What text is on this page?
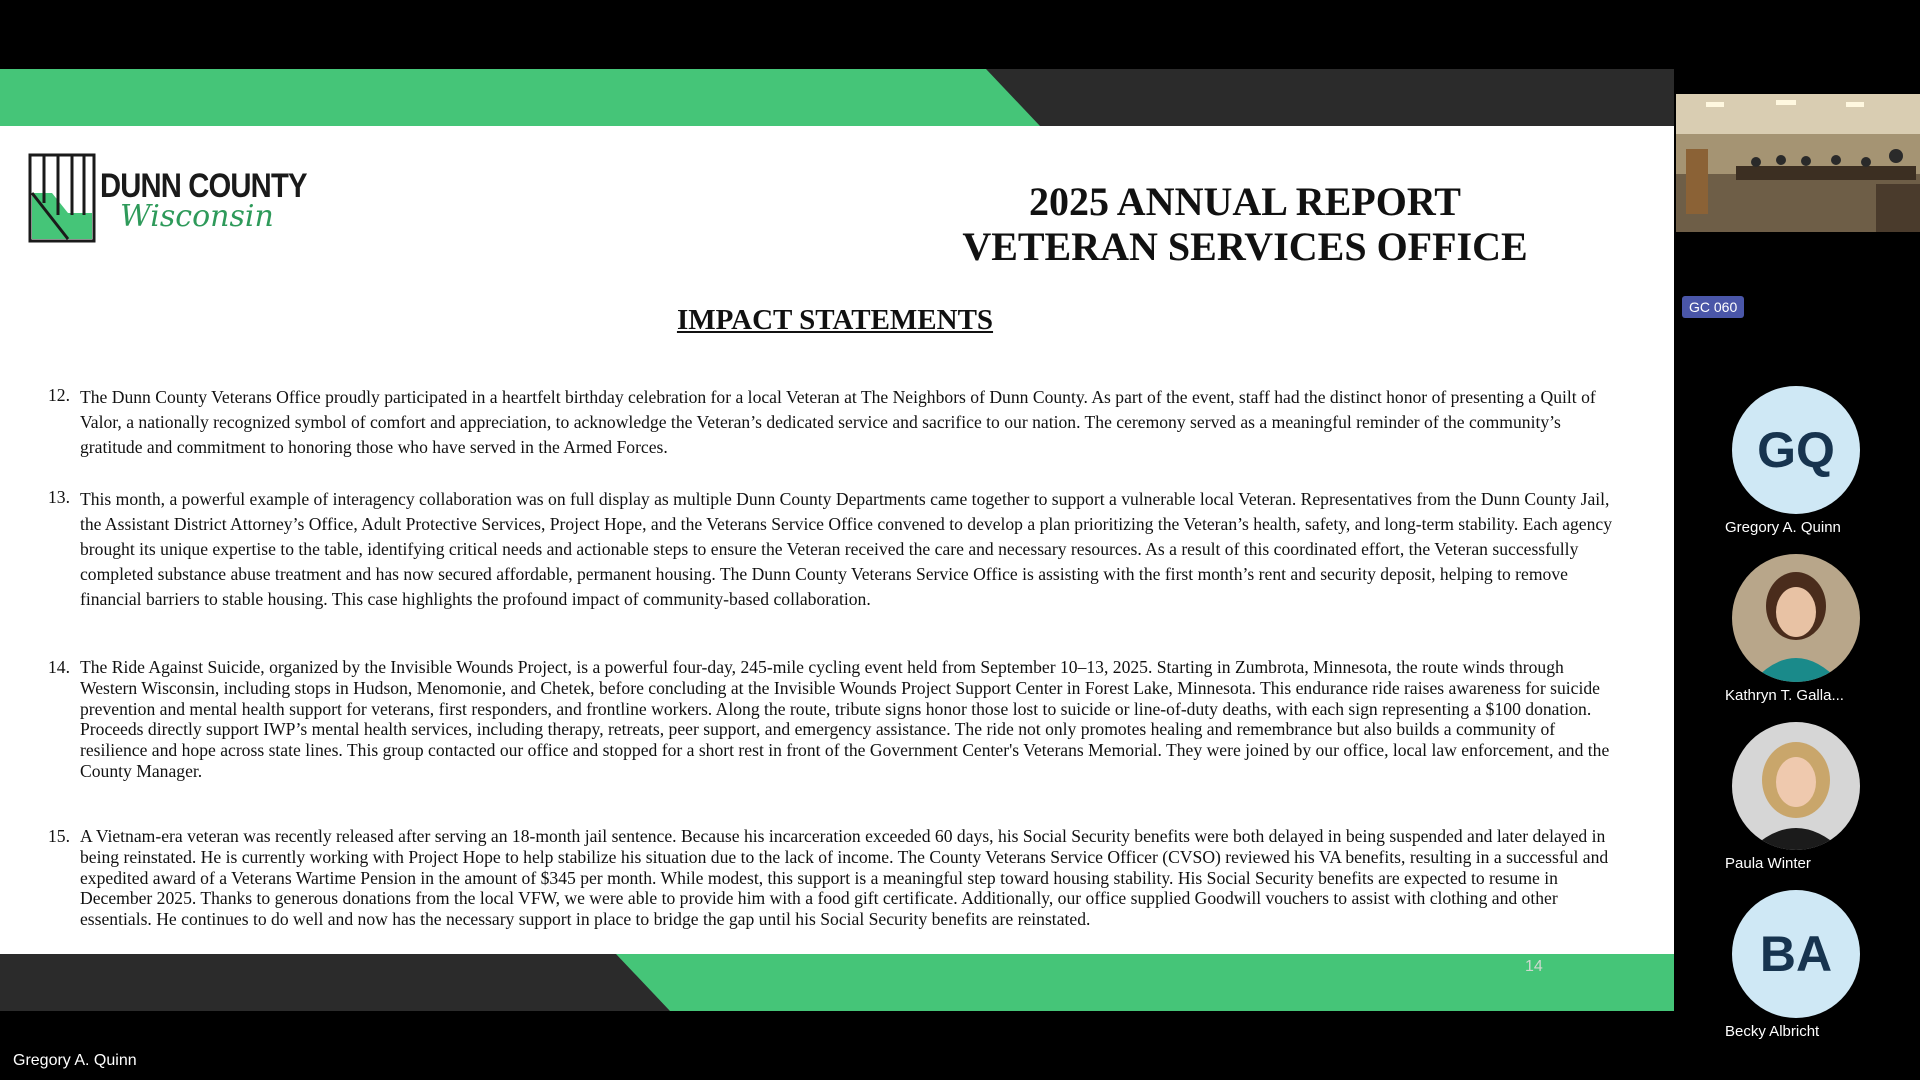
DUNN COUNTY
Wisconsin	2025 ANNUAL REPORT
VETERAN SERVICES OFFICE
IMPACT STATEMENTS
12. The Dunn County Veterans Office proudly participated in a heartfelt birthday celebration for a local Veteran at The Neighbors of Dunn County. As part of the event, staff had the distinct honor of presenting a Quilt of Valor, a nationally recognized symbol of comfort and appreciation, to acknowledge the Veteran’s dedicated service and sacrifice to our nation. The ceremony served as a meaningful reminder of the community’s gratitude and commitment to honoring those who have served in the Armed Forces.
13. This month, a powerful example of interagency collaboration was on full display as multiple Dunn County Departments came together to support a vulnerable local Veteran. Representatives from the Dunn County Jail, the Assistant District Attorney’s Office, Adult Protective Services, Project Hope, and the Veterans Service Office convened to develop a plan prioritizing the Veteran’s health, safety, and long-term stability. Each agency brought its unique expertise to the table, identifying critical needs and actionable steps to ensure the Veteran received the care and necessary resources. As a result of this coordinated effort, the Veteran successfully completed substance abuse treatment and has now secured affordable, permanent housing. The Dunn County Veterans Service Office is assisting with the first month’s rent and security deposit, helping to remove financial barriers to stable housing. This case highlights the profound impact of community-based collaboration.
14. The Ride Against Suicide, organized by the Invisible Wounds Project, is a powerful four-day, 245-mile cycling event held from September 10–13, 2025. Starting in Zumbrota, Minnesota, the route winds through Western Wisconsin, including stops in Hudson, Menomonie, and Chetek, before concluding at the Invisible Wounds Project Support Center in Forest Lake, Minnesota. This endurance ride raises awareness for suicide prevention and mental health support for veterans, first responders, and frontline workers. Along the route, tribute signs honor those lost to suicide or line-of-duty deaths, with each sign representing a $100 donation. Proceeds directly support IWP’s mental health services, including therapy, retreats, peer support, and emergency assistance. The ride not only promotes healing and remembrance but also builds a community of resilience and hope across state lines. This group contacted our office and stopped for a short rest in front of the Government Center's Veterans Memorial. They were joined by our office, local law enforcement, and the County Manager.
15. A Vietnam-era veteran was recently released after serving an 18-month jail sentence. Because his incarceration exceeded 60 days, his Social Security benefits were both delayed in being suspended and later delayed in being reinstated. He is currently working with Project Hope to help stabilize his situation due to the lack of income. The County Veterans Service Officer (CVSO) reviewed his VA benefits, resulting in a successful and expedited award of a Veterans Wartime Pension in the amount of $345 per month. While modest, this support is a meaningful step toward housing stability. His Social Security benefits are expected to resume in December 2025. Thanks to generous donations from the local VFW, we were able to provide him with a food gift certificate. Additionally, our office supplied Goodwill vouchers to assist with clothing and other essentials. He continues to do well and now has the necessary support in place to bridge the gap until his Social Security benefits are reinstated.
14
GC 060
GQ
Gregory A. Quinn
Kathryn T. Galla...
Paula Winter
BA
Becky Albricht
Gregory A. Quinn
